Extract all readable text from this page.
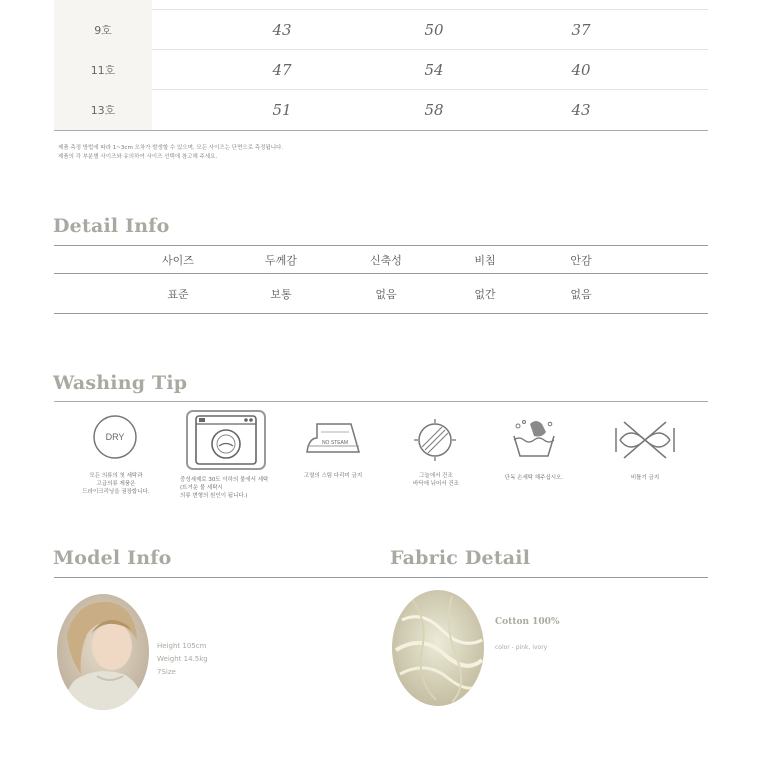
9호	43	50	37
11호	47	54	40
13호	51	58	43
제품 측정 방법에 따라 1~3cm 오차가 발생할 수 있으며, 모든 사이즈는 단면으로 측정됩니다.
제품의 각 부분별 사이즈와 유의하여 사이즈 선택에 참고해 주세요.
Detail Info
사이즈	두께감	신축성	비침	안감
표준	보통	없음	없간	없음
Washing Tip
DRY
모든 의류의 첫 세탁과
고급의류 제품은
드라이크리닝을 권장합니다.
중성세제로 30도 이하의 물에서 세탁
(뜨거운 물 세탁시
의류 변형의 원인이 됩니다.)
NO STEAM
고열의 스팀 다리미 금지	그늘에서 건조
바닥에 뉘어서 건조
단독 손세탁 해주십시오.	비틀기 금지
Model Info	Fabric Detail
Height 105cm
Weight 14.5kg
7Size
Cotton 100%
color - pink, ivory
